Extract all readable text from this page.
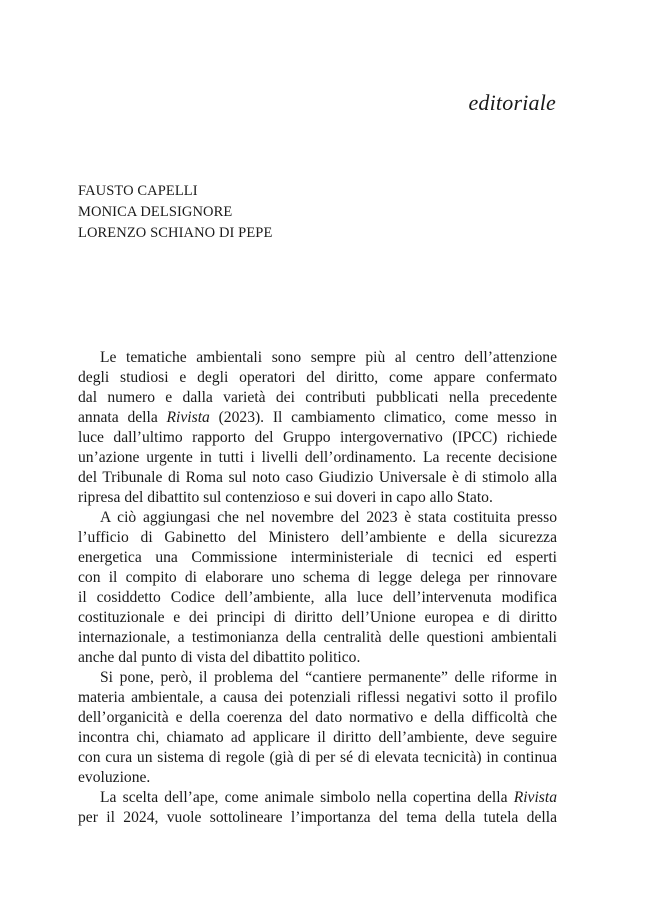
editoriale
FAUSTO CAPELLI
MONICA DELSIGNORE
LORENZO SCHIANO DI PEPE
Le tematiche ambientali sono sempre più al centro dell’attenzione
degli studiosi e degli operatori del diritto, come appare confermato
dal numero e dalla varietà dei contributi pubblicati nella precedente
annata della Rivista (2023). Il cambiamento climatico, come messo in
luce dall’ultimo rapporto del Gruppo intergovernativo (IPCC) richiede
un’azione urgente in tutti i livelli dell’ordinamento. La recente decisione
del Tribunale di Roma sul noto caso Giudizio Universale è di stimolo alla
ripresa del dibattito sul contenzioso e sui doveri in capo allo Stato.
A ciò aggiungasi che nel novembre del 2023 è stata costituita presso
l’ufficio di Gabinetto del Ministero dell’ambiente e della sicurezza
energetica una Commissione interministeriale di tecnici ed esperti
con il compito di elaborare uno schema di legge delega per rinnovare
il cosiddetto Codice dell’ambiente, alla luce dell’intervenuta modifica
costituzionale e dei principi di diritto dell’Unione europea e di diritto
internazionale, a testimonianza della centralità delle questioni ambientali
anche dal punto di vista del dibattito politico.
Si pone, però, il problema del “cantiere permanente” delle riforme in
materia ambientale, a causa dei potenziali riflessi negativi sotto il profilo
dell’organicità e della coerenza del dato normativo e della difficoltà che
incontra chi, chiamato ad applicare il diritto dell’ambiente, deve seguire
con cura un sistema di regole (già di per sé di elevata tecnicità) in continua
evoluzione.
La scelta dell’ape, come animale simbolo nella copertina della Rivista
per il 2024, vuole sottolineare l’importanza del tema della tutela della
